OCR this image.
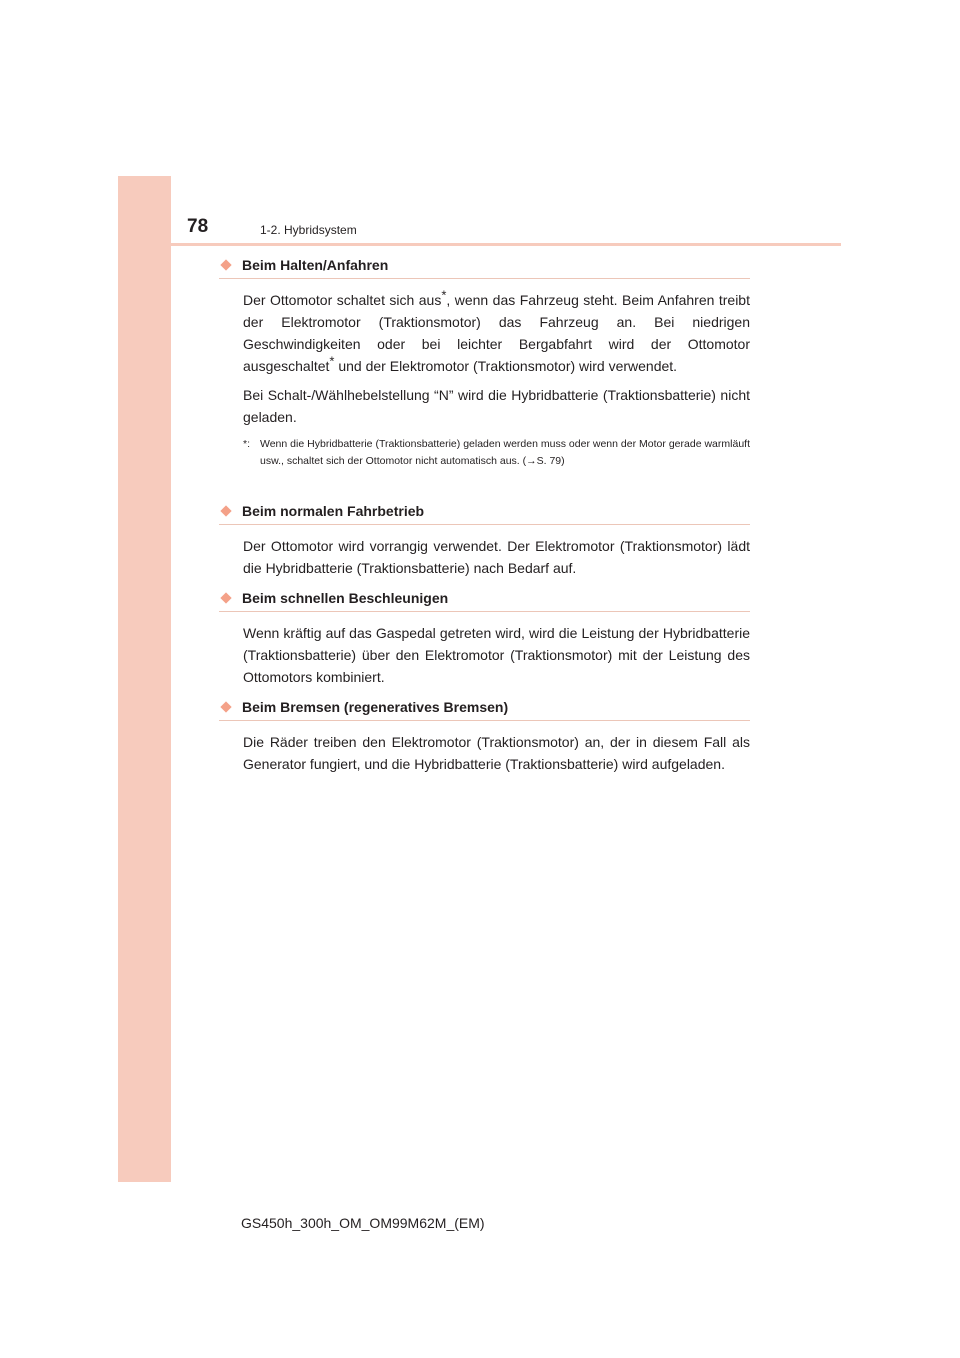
78	1-2. Hybridsystem
Beim Halten/Anfahren

Der Ottomotor schaltet sich aus*, wenn das Fahrzeug steht. Beim Anfahren treibt der Elektromotor (Traktionsmotor) das Fahrzeug an. Bei niedrigen Geschwindigkeiten oder bei leichter Bergabfahrt wird der Ottomotor ausgeschaltet* und der Elektromotor (Traktionsmotor) wird verwendet.

Bei Schalt-/Wählhebelstellung “N” wird die Hybridbatterie (Traktionsbatterie) nicht geladen.

*: Wenn die Hybridbatterie (Traktionsbatterie) geladen werden muss oder wenn der Motor gerade warmläuft usw., schaltet sich der Ottomotor nicht automatisch aus. (→S. 79)
Beim normalen Fahrbetrieb

Der Ottomotor wird vorrangig verwendet. Der Elektromotor (Traktionsmotor) lädt die Hybridbatterie (Traktionsbatterie) nach Bedarf auf.

Beim schnellen Beschleunigen

Wenn kräftig auf das Gaspedal getreten wird, wird die Leistung der Hybridbatterie (Traktionsbatterie) über den Elektromotor (Traktionsmotor) mit der Leistung des Ottomotors kombiniert.

Beim Bremsen (regeneratives Bremsen)

Die Räder treiben den Elektromotor (Traktionsmotor) an, der in diesem Fall als Generator fungiert, und die Hybridbatterie (Traktionsbatterie) wird aufgeladen.

GS450h_300h_OM_OM99M62M_(EM)
